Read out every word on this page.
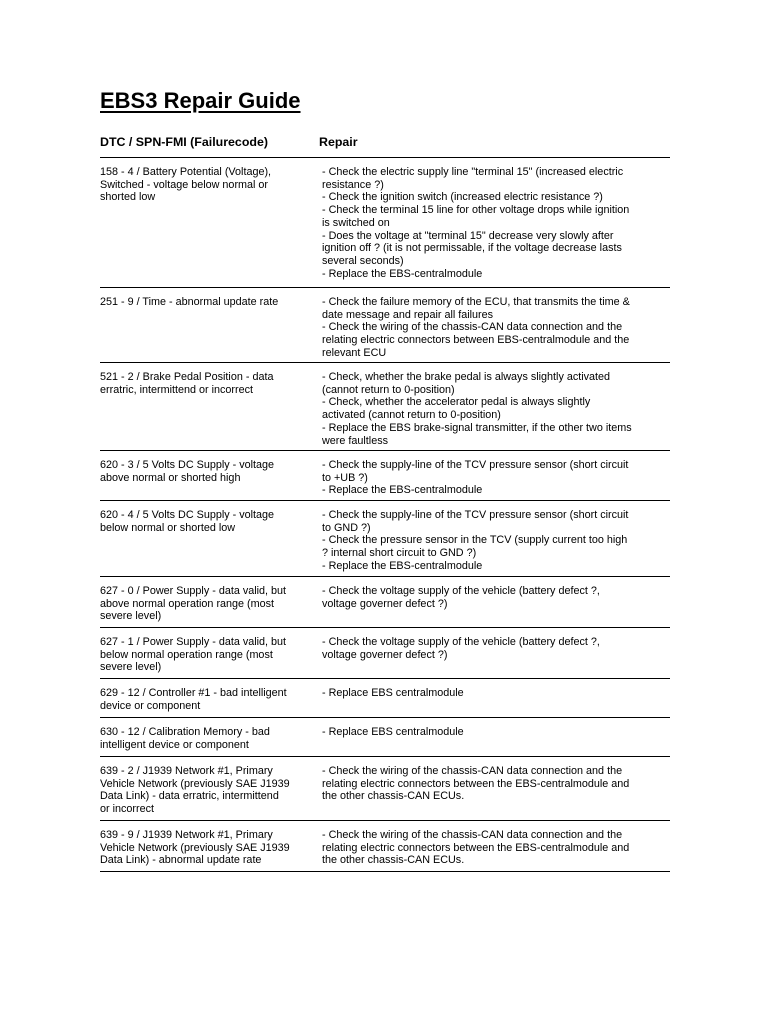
EBS3 Repair Guide
DTC / SPN-FMI (Failurecode)	Repair
158 - 4 / Battery Potential (Voltage),
Switched - voltage below normal or
shorted low
- Check the electric supply line "terminal 15" (increased electric
resistance ?)
- Check the ignition switch (increased electric resistance ?)
- Check the terminal 15 line for other voltage drops while ignition
is switched on
- Does the voltage at "terminal 15" decrease very slowly after
ignition off ? (it is not permissable, if the voltage decrease lasts
several seconds)
- Replace the EBS-centralmodule
251 - 9 / Time - abnormal update rate	- Check the failure memory of the ECU, that transmits the time &
date message and repair all failures
- Check the wiring of the chassis-CAN data connection and the
relating electric connectors between EBS-centralmodule and the
relevant ECU
521 - 2 / Brake Pedal Position - data
erratric, intermittend or incorrect
- Check, whether the brake pedal is always slightly activated
(cannot return to 0-position)
- Check, whether the accelerator pedal is always slightly
activated (cannot return to 0-position)
- Replace the EBS brake-signal transmitter, if the other two items
were faultless
620 - 3 / 5 Volts DC Supply - voltage
above normal or shorted high
- Check the supply-line of the TCV pressure sensor (short circuit
to +UB ?)
- Replace the EBS-centralmodule
620 - 4 / 5 Volts DC Supply - voltage
below normal or shorted low
- Check the supply-line of the TCV pressure sensor (short circuit
to GND ?)
- Check the pressure sensor in the TCV (supply current too high
? internal short circuit to GND ?)
- Replace the EBS-centralmodule
627 - 0 / Power Supply - data valid, but
above normal operation range (most
severe level)
- Check the voltage supply of the vehicle (battery defect ?,
voltage governer defect ?)
627 - 1 / Power Supply - data valid, but
below normal operation range (most
severe level)
- Check the voltage supply of the vehicle (battery defect ?,
voltage governer defect ?)
629 - 12 / Controller #1 - bad intelligent
device or component
- Replace EBS centralmodule
630 - 12 / Calibration Memory - bad
intelligent device or component
- Replace EBS centralmodule
639 - 2 / J1939 Network #1, Primary
Vehicle Network (previously SAE J1939
Data Link) - data erratric, intermittend
or incorrect
- Check the wiring of the chassis-CAN data connection and the
relating electric connectors between the EBS-centralmodule and
the other chassis-CAN ECUs.
639 - 9 / J1939 Network #1, Primary
Vehicle Network (previously SAE J1939
Data Link) - abnormal update rate
- Check the wiring of the chassis-CAN data connection and the
relating electric connectors between the EBS-centralmodule and
the other chassis-CAN ECUs.
